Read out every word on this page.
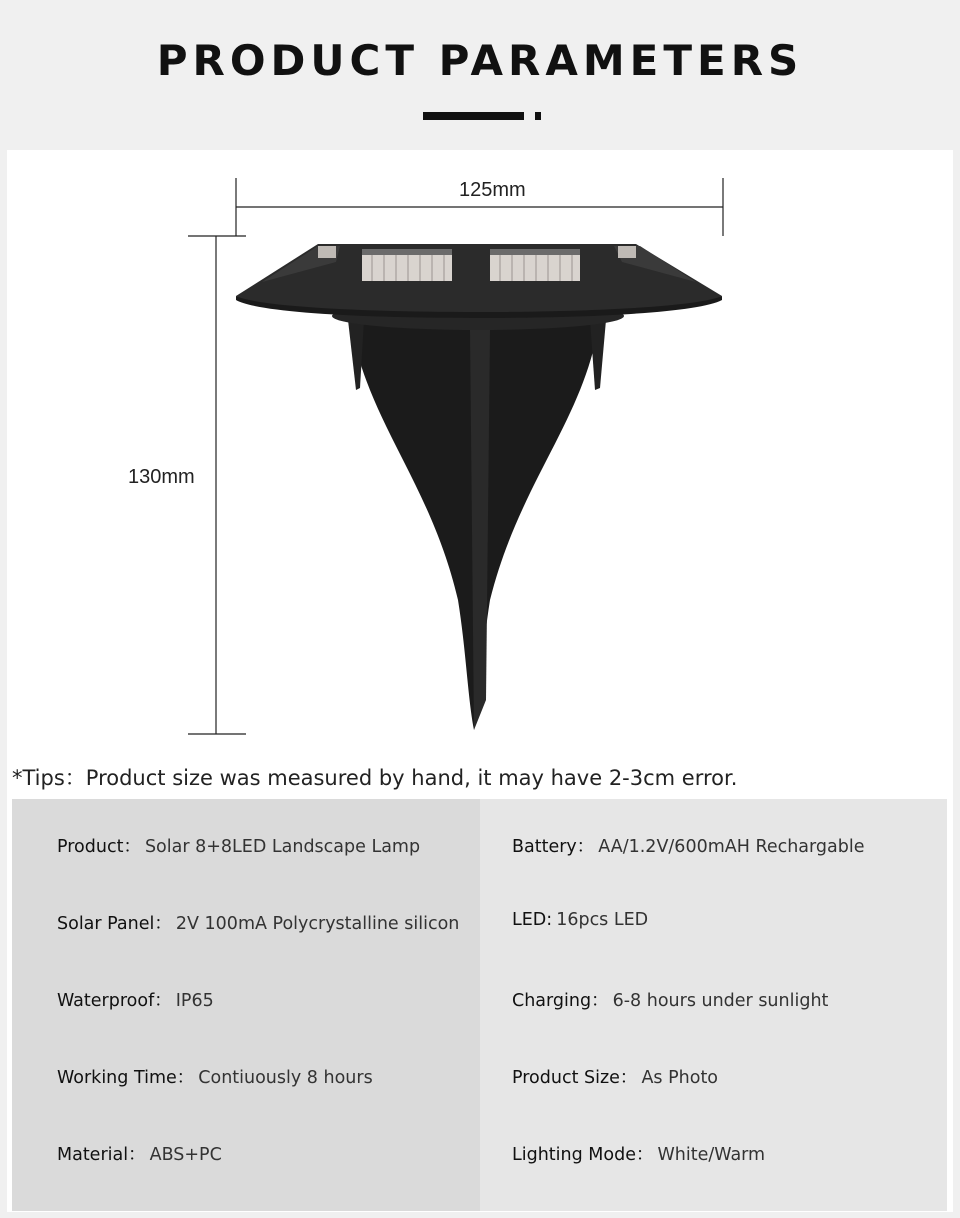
PRODUCT PARAMETERS
125mm
130mm
*Tips：Product size was measured by hand, it may have 2-3cm error.
Product： Solar 8+8LED Landscape Lamp
Solar Panel： 2V 100mA Polycrystalline silicon
Waterproof： IP65
Working Time： Contiuously 8 hours
Material： ABS+PC
Battery： AA/1.2V/600mAH Rechargable
LED: 16pcs LED
Charging： 6-8 hours under sunlight
Product Size： As Photo
Lighting Mode： White/Warm
